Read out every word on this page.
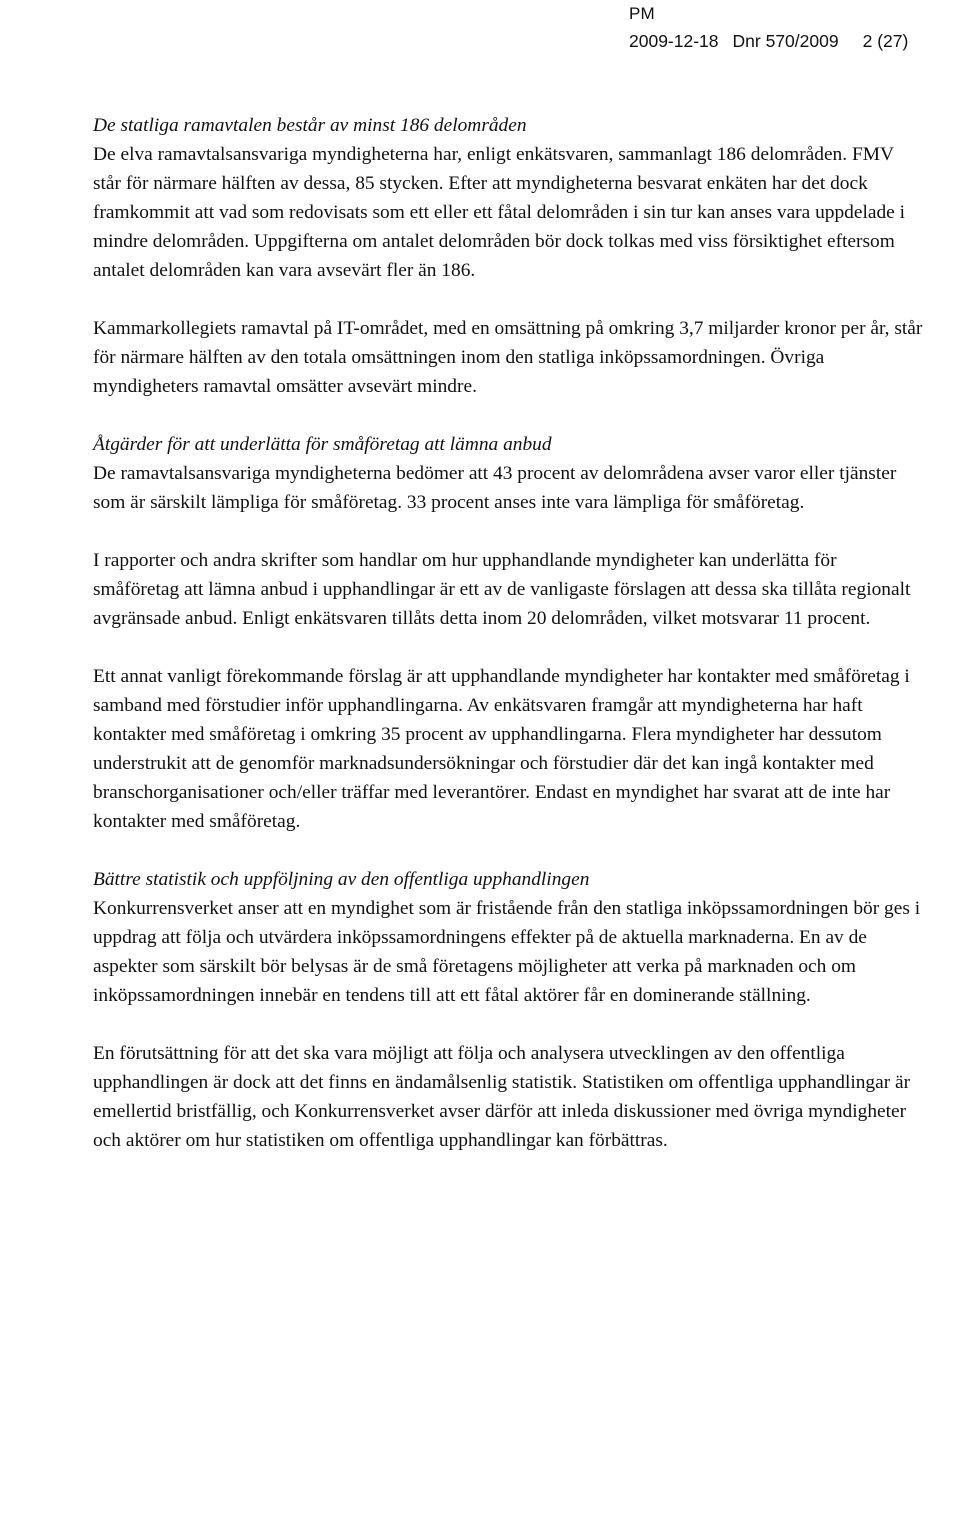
PM
2009-12-18 Dnr 570/2009 2 (27)

De statliga ramavtalen består av minst 186 delområden
De elva ramavtalsansvariga myndigheterna har, enligt enkätsvaren, sammanlagt 186 delområden. FMV står för närmare hälften av dessa, 85 stycken. Efter att myndigheterna besvarat enkäten har det dock framkommit att vad som redovisats som ett eller ett fåtal delområden i sin tur kan anses vara uppdelade i mindre delområden. Uppgifterna om antalet delområden bör dock tolkas med viss försiktighet eftersom antalet delområden kan vara avsevärt fler än 186.

Kammarkollegiets ramavtal på IT-området, med en omsättning på omkring 3,7 miljarder kronor per år, står för närmare hälften av den totala omsättningen inom den statliga inköpssamordningen. Övriga myndigheters ramavtal omsätter avsevärt mindre.

Åtgärder för att underlätta för småföretag att lämna anbud
De ramavtalsansvariga myndigheterna bedömer att 43 procent av delområdena avser varor eller tjänster som är särskilt lämpliga för småföretag. 33 procent anses inte vara lämpliga för småföretag.

I rapporter och andra skrifter som handlar om hur upphandlande myndigheter kan underlätta för småföretag att lämna anbud i upphandlingar är ett av de vanligaste förslagen att dessa ska tillåta regionalt avgränsade anbud. Enligt enkätsvaren tillåts detta inom 20 delområden, vilket motsvarar 11 procent.

Ett annat vanligt förekommande förslag är att upphandlande myndigheter har kontakter med småföretag i samband med förstudier inför upphandlingarna. Av enkätsvaren framgår att myndigheterna har haft kontakter med småföretag i omkring 35 procent av upphandlingarna. Flera myndigheter har dessutom understrukit att de genomför marknadsundersökningar och förstudier där det kan ingå kontakter med branschorganisationer och/eller träffar med leverantörer. Endast en myndighet har svarat att de inte har kontakter med småföretag.

Bättre statistik och uppföljning av den offentliga upphandlingen
Konkurrensverket anser att en myndighet som är fristående från den statliga inköpssamordningen bör ges i uppdrag att följa och utvärdera inköpssamordningens effekter på de aktuella marknaderna. En av de aspekter som särskilt bör belysas är de små företagens möjligheter att verka på marknaden och om inköpssamordningen innebär en tendens till att ett fåtal aktörer får en dominerande ställning.

En förutsättning för att det ska vara möjligt att följa och analysera utvecklingen av den offentliga upphandlingen är dock att det finns en ändamålsenlig statistik. Statistiken om offentliga upphandlingar är emellertid bristfällig, och Konkurrensverket avser därför att inleda diskussioner med övriga myndigheter och aktörer om hur statistiken om offentliga upphandlingar kan förbättras.
